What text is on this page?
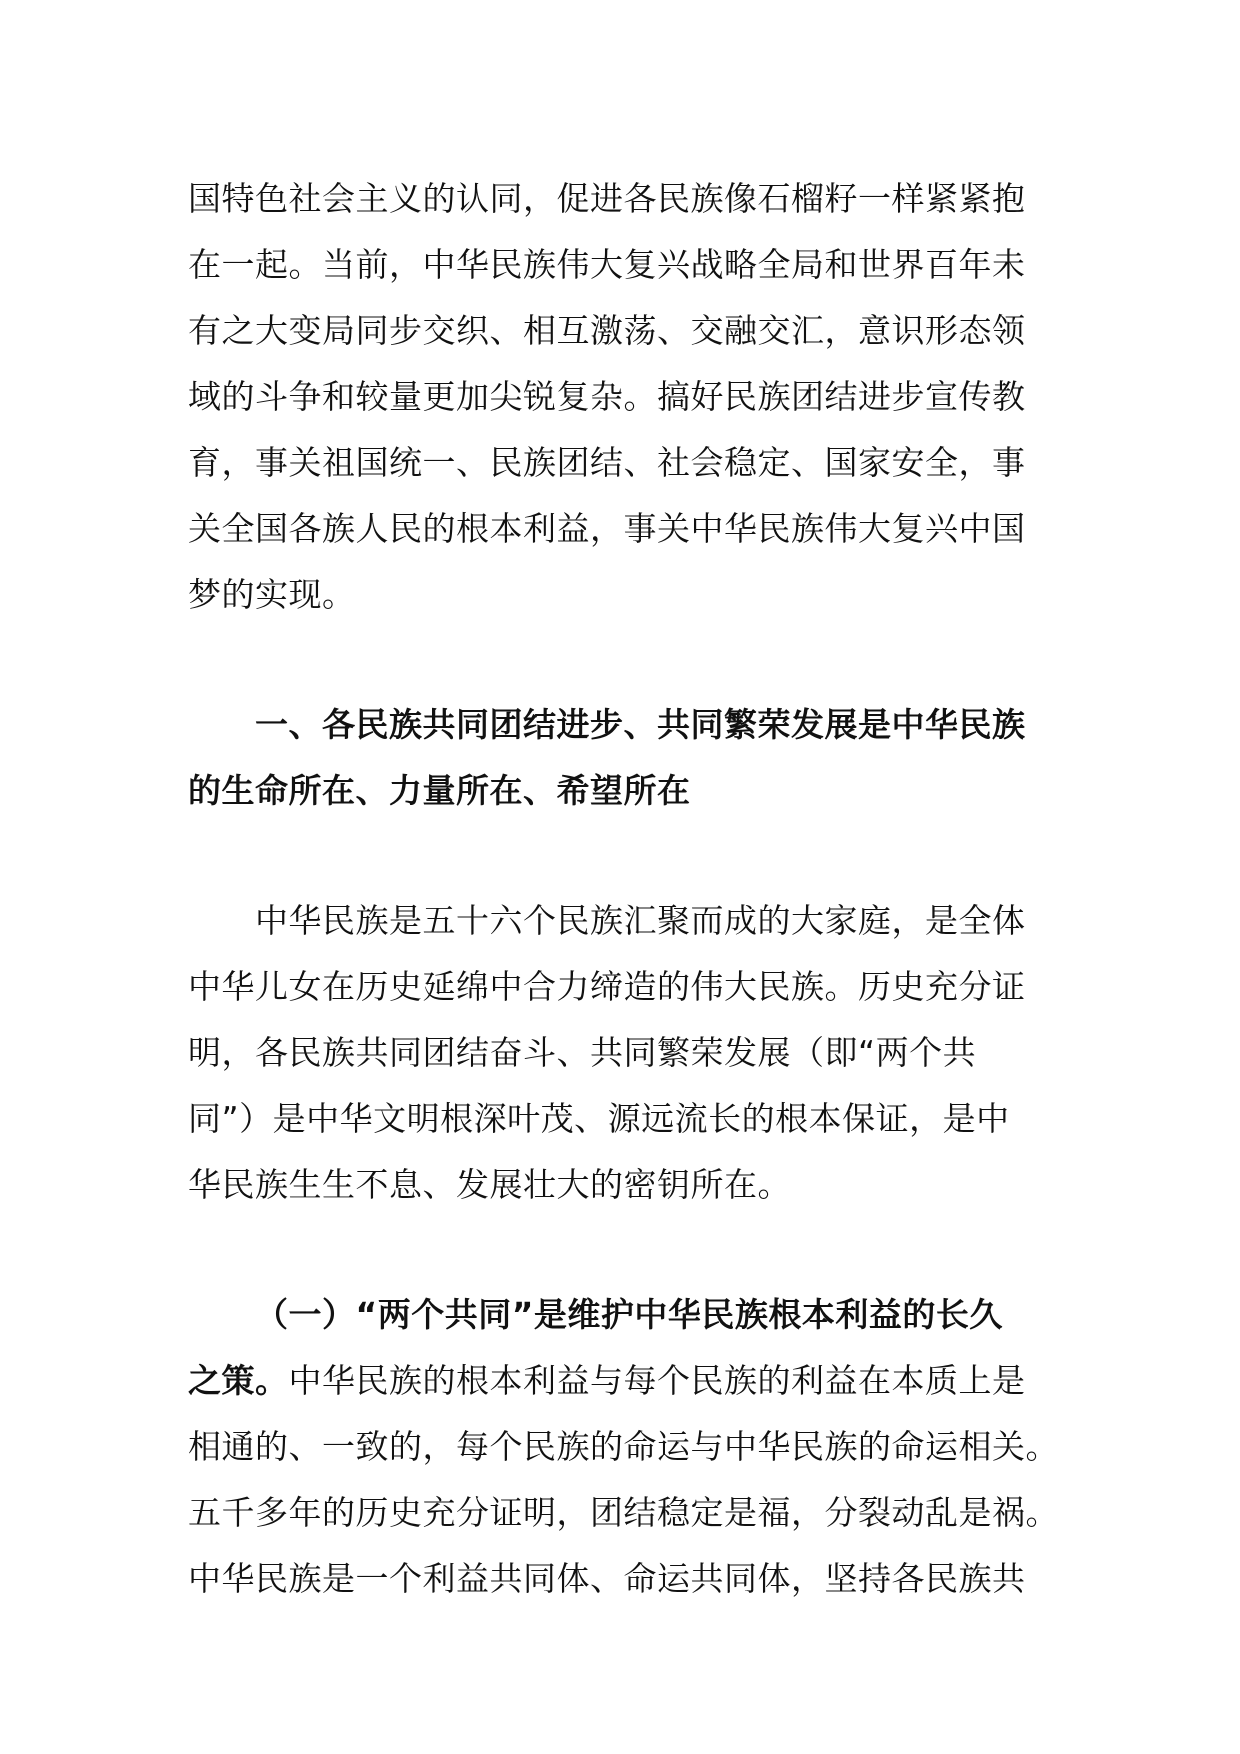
国特色社会主义的认同，促进各民族像石榴籽一样紧紧抱
在一起。当前，中华民族伟大复兴战略全局和世界百年未
有之大变局同步交织、相互激荡、交融交汇，意识形态领
域的斗争和较量更加尖锐复杂。搞好民族团结进步宣传教
育，事关祖国统一、民族团结、社会稳定、国家安全，事
关全国各族人民的根本利益，事关中华民族伟大复兴中国
梦的实现。
一、各民族共同团结进步、共同繁荣发展是中华民族
的生命所在、力量所在、希望所在
中华民族是五十六个民族汇聚而成的大家庭，是全体
中华儿女在历史延绵中合力缔造的伟大民族。历史充分证
明，各民族共同团结奋斗、共同繁荣发展（即“两个共
同”）是中华文明根深叶茂、源远流长的根本保证，是中
华民族生生不息、发展壮大的密钥所在。
（一）“两个共同”是维护中华民族根本利益的长久
之策。中华民族的根本利益与每个民族的利益在本质上是
相通的、一致的，每个民族的命运与中华民族的命运相关。
五千多年的历史充分证明，团结稳定是福，分裂动乱是祸。
中华民族是一个利益共同体、命运共同体，坚持各民族共
